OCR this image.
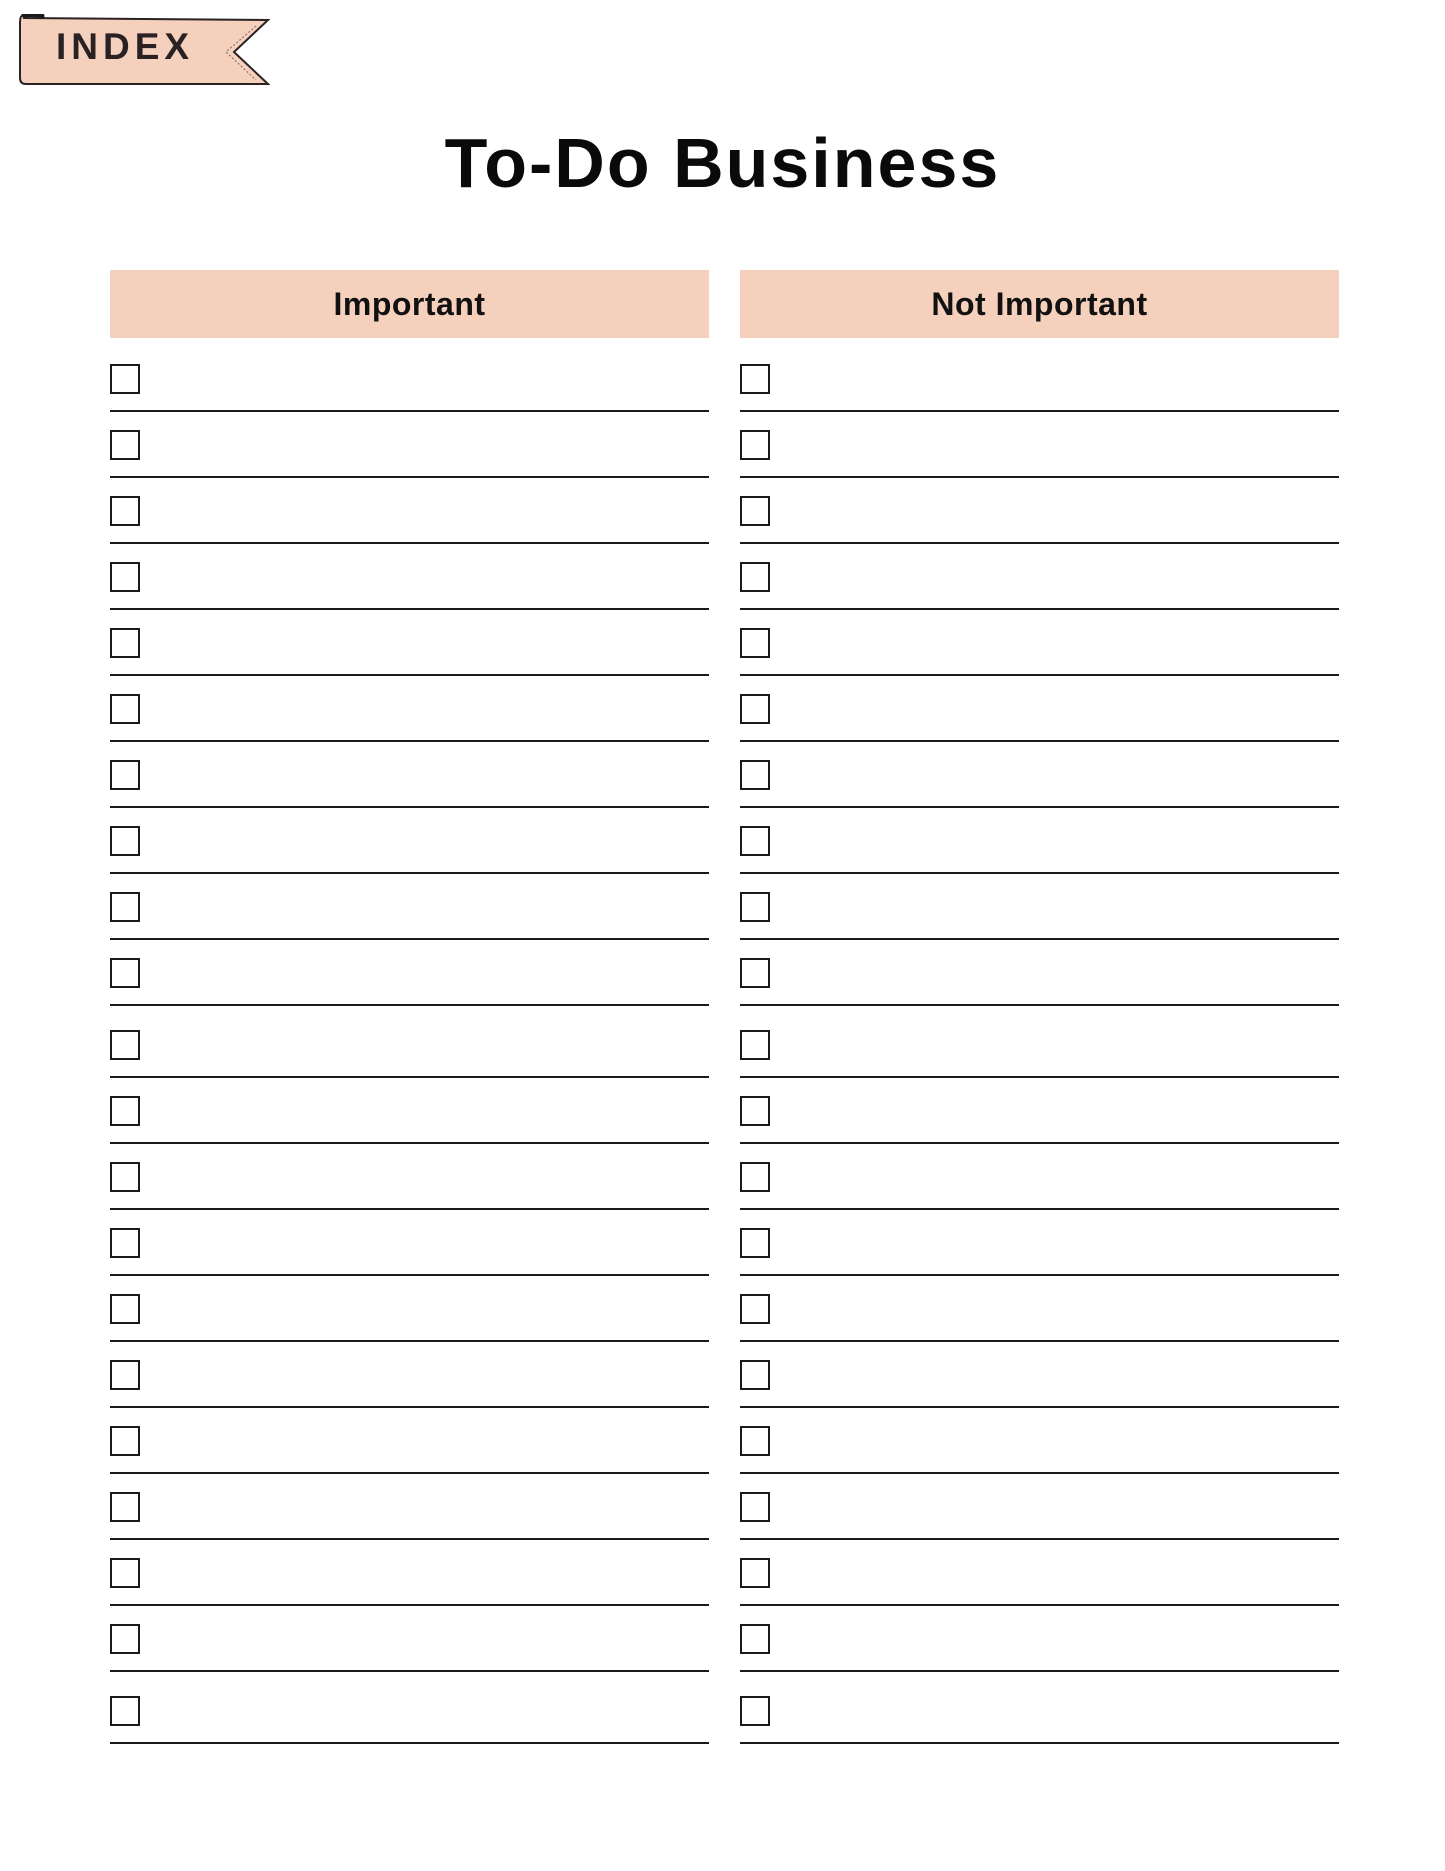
INDEX
To-Do Business
Important	Not Important
